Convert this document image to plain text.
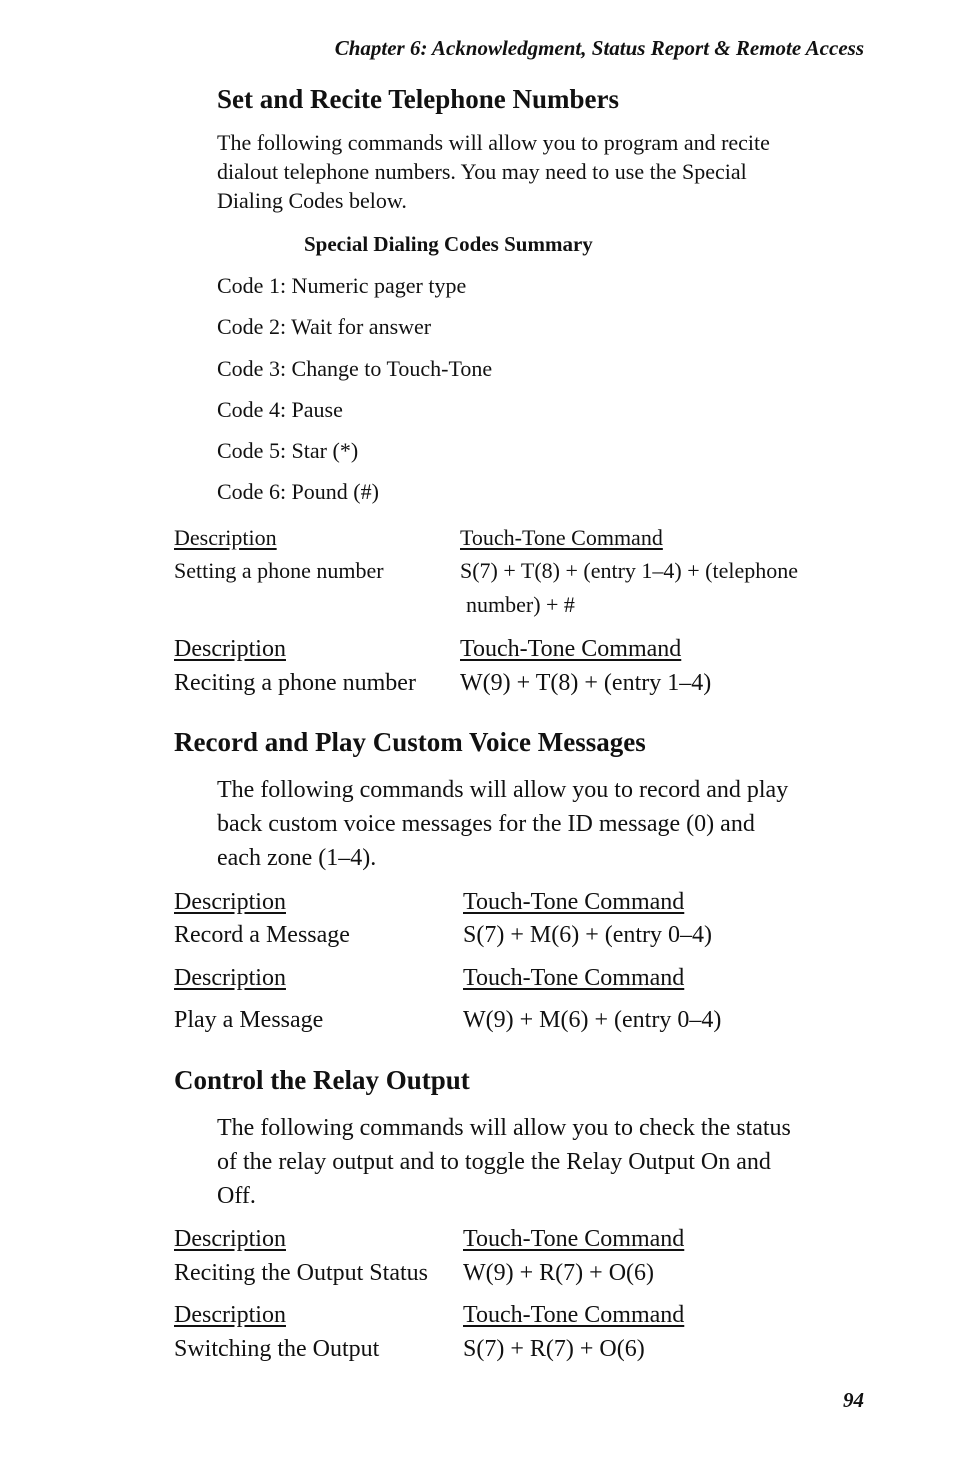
Chapter 6: Acknowledgment, Status Report & Remote Access
Set and Recite Telephone Numbers
The following commands will allow you to program and recite
dialout telephone numbers. You may need to use the Special
Dialing Codes below.
Special Dialing Codes Summary
Code 1: Numeric pager type
Code 2: Wait for answer
Code 3: Change to Touch-Tone
Code 4: Pause
Code 5: Star (*)
Code 6: Pound (#)
Description	Touch-Tone Command
Setting a phone number	S(7) + T(8) + (entry 1–4) + (telephone
number) + #
Description	Touch-Tone Command
Reciting a phone number W(9) + T(8) + (entry 1–4)
Record and Play Custom Voice Messages
The following commands will allow you to record and play
back custom voice messages for the ID message (0) and
each zone (1–4).
Description	Touch-Tone Command
Record a Message	S(7) + M(6) + (entry 0–4)
Description	Touch-Tone Command
Play a Message	W(9) + M(6) + (entry 0–4)
Control the Relay Output
The following commands will allow you to check the status
of the relay output and to toggle the Relay Output On and
Off.
Description	Touch-Tone Command
Reciting the Output Status W(9) + R(7) + O(6)
Description	Touch-Tone Command
Switching the Output	S(7) + R(7) + O(6)
94
